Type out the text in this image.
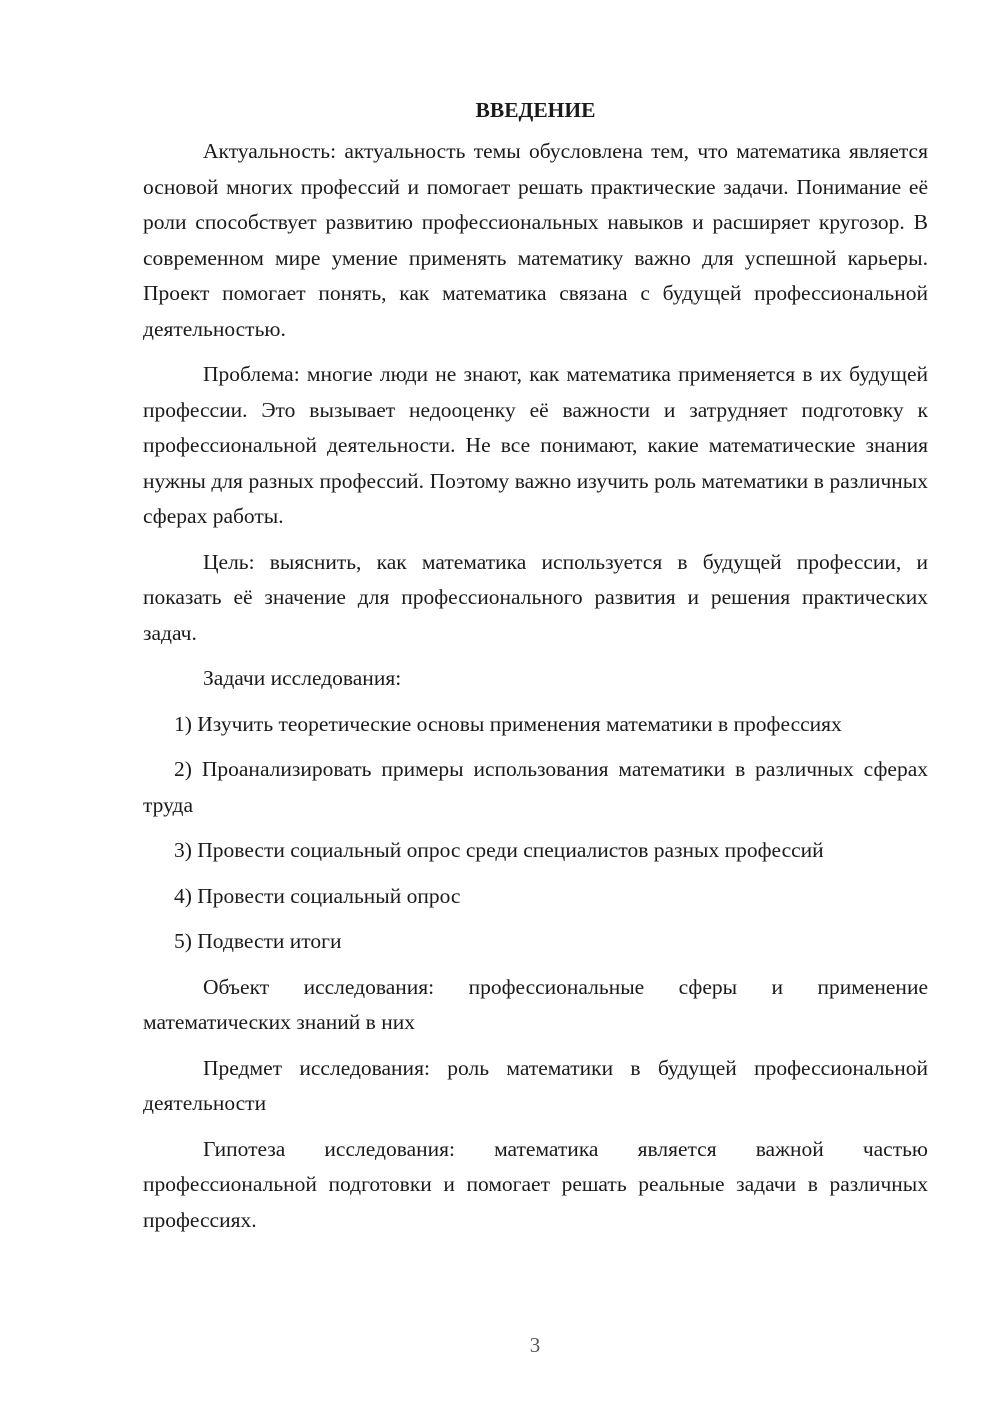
ВВЕДЕНИЕ

Актуальность: актуальность темы обусловлена тем, что математика является основой многих профессий и помогает решать практические задачи. Понимание её роли способствует развитию профессиональных навыков и расширяет кругозор. В современном мире умение применять математику важно для успешной карьеры. Проект помогает понять, как математика связана с будущей профессиональной деятельностью.

Проблема: многие люди не знают, как математика применяется в их будущей профессии. Это вызывает недооценку её важности и затрудняет подготовку к профессиональной деятельности. Не все понимают, какие математические знания нужны для разных профессий. Поэтому важно изучить роль математики в различных сферах работы.

Цель: выяснить, как математика используется в будущей профессии, и показать её значение для профессионального развития и решения практических задач.

Задачи исследования:

1) Изучить теоретические основы применения математики в профессиях

2) Проанализировать примеры использования математики в различных сферах труда

3) Провести социальный опрос среди специалистов разных профессий

4) Провести социальный опрос

5) Подвести итоги

Объект исследования: профессиональные сферы и применение математических знаний в них

Предмет исследования: роль математики в будущей профессиональной деятельности

Гипотеза исследования: математика является важной частью профессиональной подготовки и помогает решать реальные задачи в различных профессиях.

3
